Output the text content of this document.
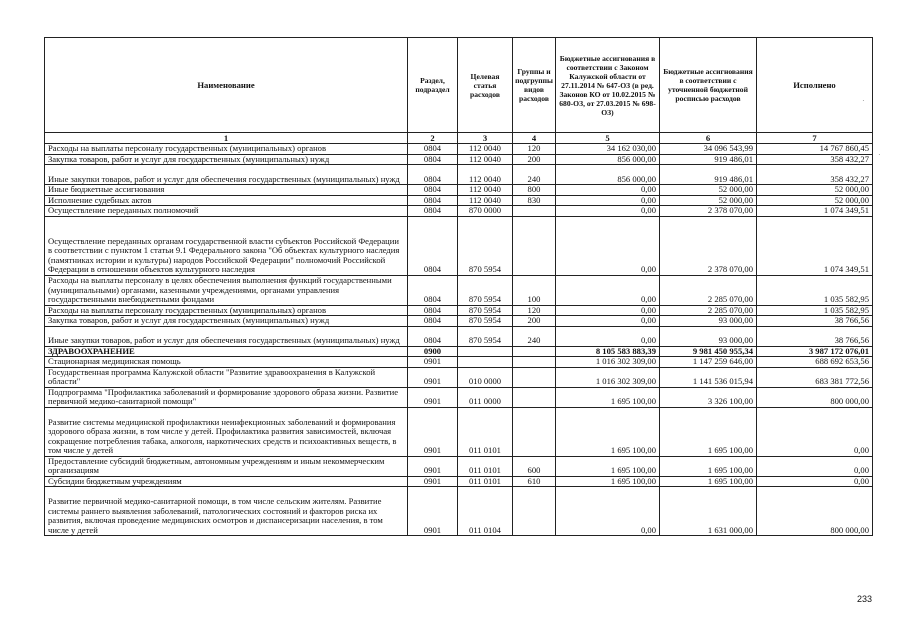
Наименование	Раздел, подраздел	Целевая статья расходов	Группы и подгруппы видов расходов	Бюджетные ассигнования в соответствии с Законом Калужской области от 27.11.2014 № 647-ОЗ (в ред. Законов КО от 10.02.2015 № 680-ОЗ, от 27.03.2015 № 698-ОЗ)	Бюджетные ассигнования в соответствии с уточненной бюджетной росписью расходов	Исполнено
1	2	3	4	5	6	7
Расходы на выплаты персоналу государственных (муниципальных) органов	0804	112 0040	120	34 162 030,00	34 096 543,99	14 767 860,45
Закупка товаров, работ и услуг для государственных (муниципальных) нужд	0804	112 0040	200	856 000,00	919 486,01	358 432,27
Иные закупки товаров, работ и услуг для обеспечения государственных (муниципальных) нужд	0804	112 0040	240	856 000,00	919 486,01	358 432,27
Иные бюджетные ассигнования	0804	112 0040	800	0,00	52 000,00	52 000,00
Исполнение судебных актов	0804	112 0040	830	0,00	52 000,00	52 000,00
Осуществление переданных полномочий	0804	870 0000		0,00	2 378 070,00	1 074 349,51
Осуществление переданных органам государственной власти субъектов Российской Федерации в соответствии с пунктом 1 статьи 9.1 Федерального закона "Об объектах культурного наследия (памятниках истории и культуры) народов Российской Федерации" полномочий Российской Федерации в отношении объектов культурного наследия	0804	870 5954		0,00	2 378 070,00	1 074 349,51
Расходы на выплаты персоналу в целях обеспечения выполнения функций государственными (муниципальными) органами, казенными учреждениями, органами управления государственными внебюджетными фондами	0804	870 5954	100	0,00	2 285 070,00	1 035 582,95
Расходы на выплаты персоналу государственных (муниципальных) органов	0804	870 5954	120	0,00	2 285 070,00	1 035 582,95
Закупка товаров, работ и услуг для государственных (муниципальных) нужд	0804	870 5954	200	0,00	93 000,00	38 766,56
Иные закупки товаров, работ и услуг для обеспечения государственных (муниципальных) нужд	0804	870 5954	240	0,00	93 000,00	38 766,56
ЗДРАВООХРАНЕНИЕ	0900			8 105 583 883,39	9 981 450 955,34	3 987 172 076,01
Стационарная медицинская помощь	0901			1 016 302 309,00	1 147 259 646,00	688 692 653,56
Государственная программа Калужской области "Развитие здравоохранения в Калужской области"	0901	010 0000		1 016 302 309,00	1 141 536 015,94	683 381 772,56
Подпрограмма "Профилактика заболеваний и формирование здорового образа жизни. Развитие первичной медико-санитарной помощи"	0901	011 0000		1 695 100,00	3 326 100,00	800 000,00
Развитие системы медицинской профилактики неинфекционных заболеваний и формирования здорового образа жизни, в том числе у детей. Профилактика развития зависимостей, включая сокращение потребления табака, алкоголя, наркотических средств и психоактивных веществ, в том числе у детей	0901	011 0101		1 695 100,00	1 695 100,00	0,00
Предоставление субсидий бюджетным, автономным учреждениям и иным некоммерческим организациям	0901	011 0101	600	1 695 100,00	1 695 100,00	0,00
Субсидии бюджетным учреждениям	0901	011 0101	610	1 695 100,00	1 695 100,00	0,00
Развитие первичной медико-санитарной помощи, в том числе сельским жителям. Развитие системы раннего выявления заболеваний, патологических состояний и факторов риска их развития, включая проведение медицинских осмотров и диспансеризации населения, в том числе у детей	0901	011 0104		0,00	1 631 000,00	800 000,00
233
·
·
